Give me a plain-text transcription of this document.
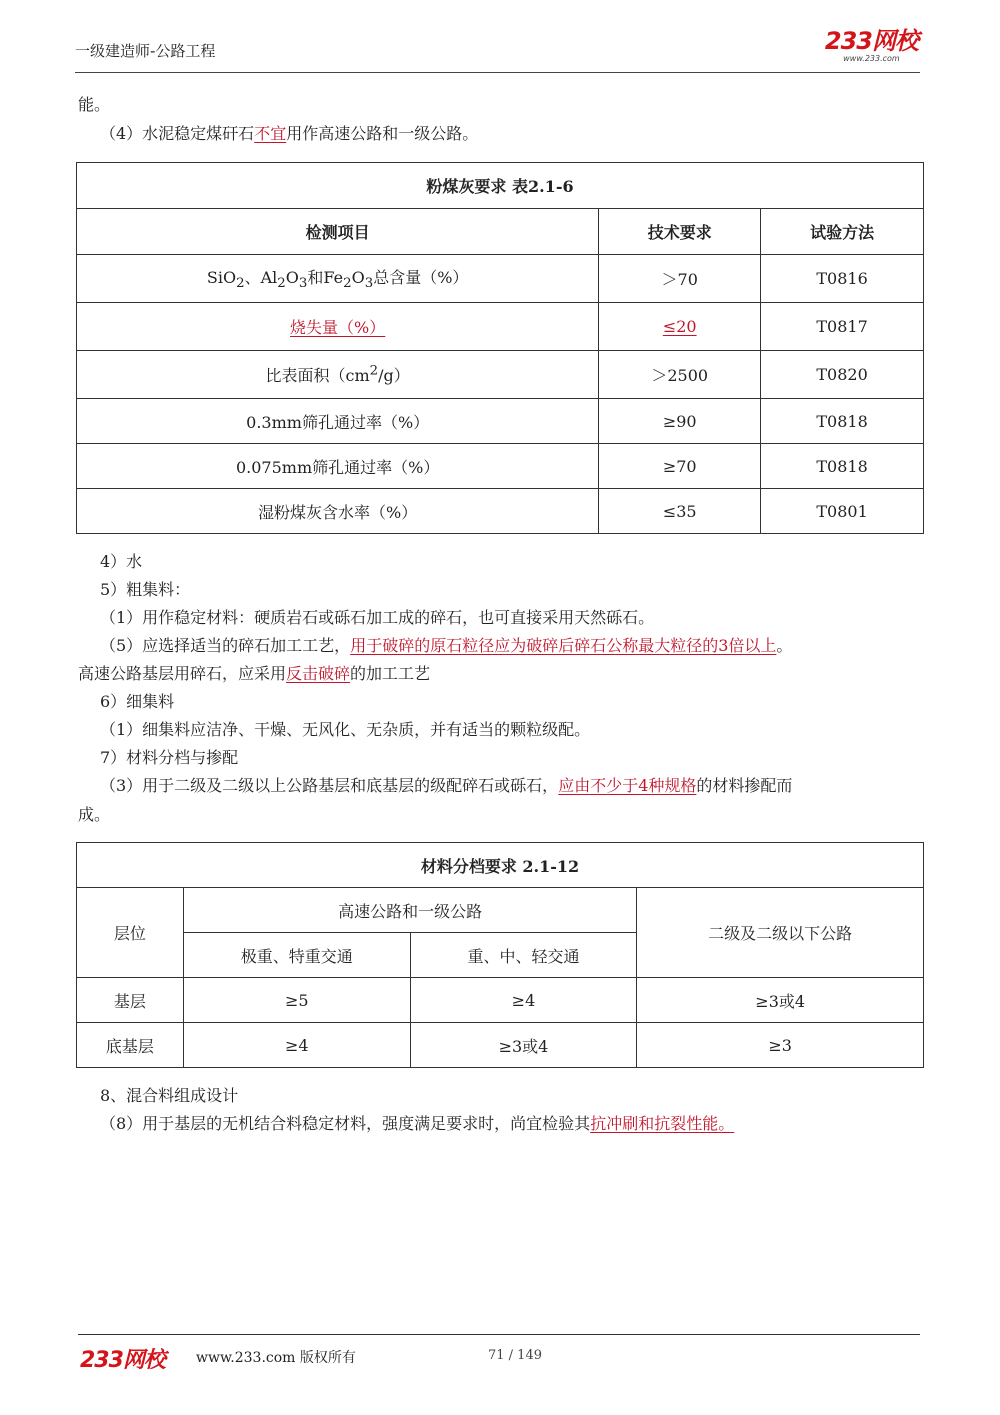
一级建造师-公路工程	233网校
www.233.com
能。
（4）水泥稳定煤矸石不宜用作高速公路和一级公路。
粉煤灰要求 表2.1-6		
检测项目	技术要求	试验方法
SiO$_2$、$Al_2O_3$和$Fe_2O_3$总含量（%）	＞70	T0816
烧失量（%）	≤20	T0817
比表面积$(cm^2/g)$	＞2500	T0820
0.3mm筛孔通过率（%）	≥90	T0818
0.075mm筛孔通过率（%）	≥70	T0818
湿粉煤灰含水率（%）	≤35	T0801
4）水
5）粗集料：
（1）用作稳定材料：硬质岩石或砾石加工成的碎石，也可直接采用天然砾石。
（5）应选择适当的碎石加工工艺，用于破碎的原石粒径应为破碎后碎石公称最大粒径的3倍以上。
高速公路基层用碎石，应采用反击破碎的加工工艺
6）细集料
（1）细集料应洁净、干燥、无风化、无杂质，并有适当的颗粒级配。
7）材料分档与掺配
（3）用于二级及二级以上公路基层和底基层的级配碎石或砾石，应由不少于4种规格的材料掺配而
成。
材料分档要求 2.1-12			
层位	高速公路和一级公路		二级及二级以下公路
	极重、特重交通	重、中、轻交通	
基层	≥5	≥4	≥3或4
底基层	≥4	≥3或4	≥3
8、混合料组成设计
（8）用于基层的无机结合料稳定材料，强度满足要求时，尚宜检验其抗冲刷和抗裂性能。
233网校 www.233.com 版权所有	71 / 149
